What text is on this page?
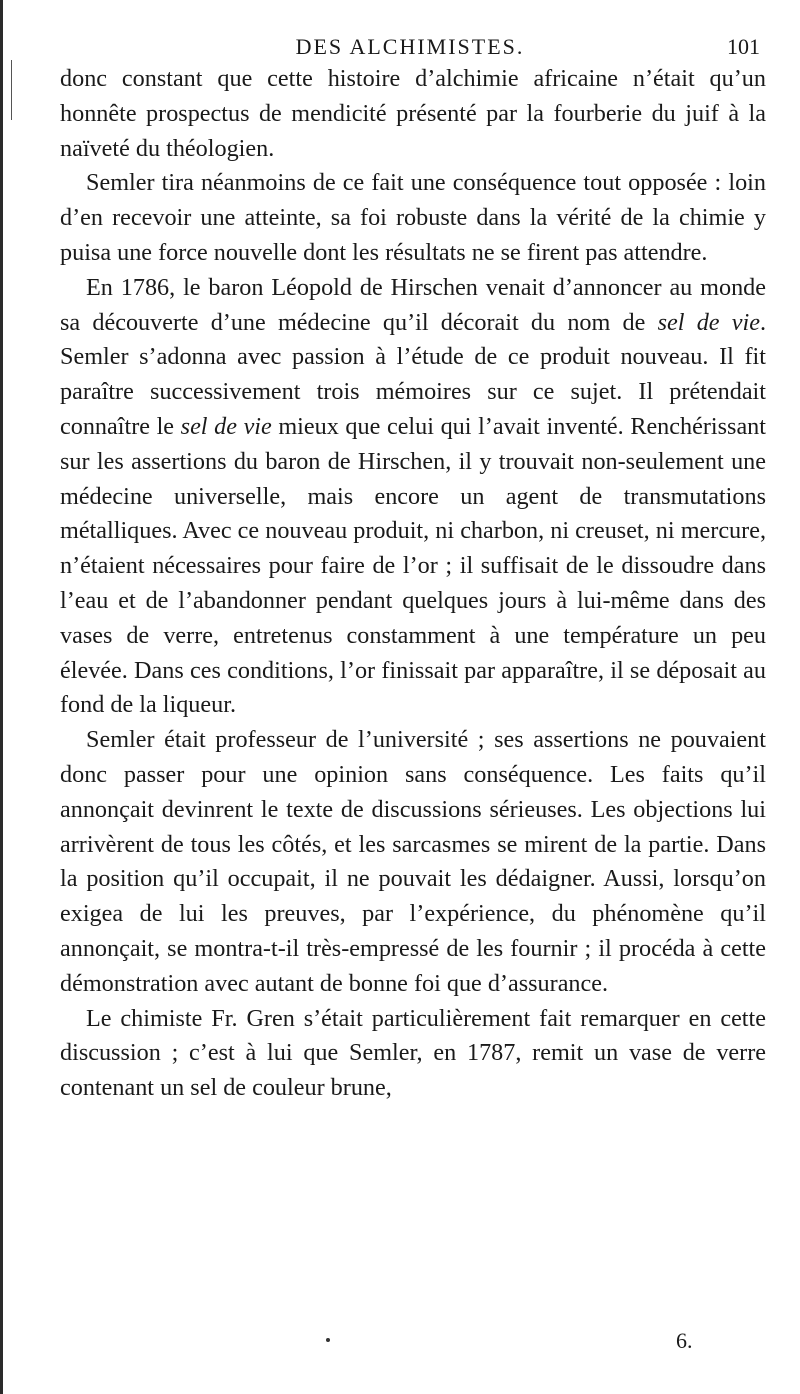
DES ALCHIMISTES.	101

donc constant que cette histoire d’alchimie africaine n’était qu’un honnête prospectus de mendicité présenté par la fourberie du juif à la naïveté du théologien.

Semler tira néanmoins de ce fait une conséquence tout opposée : loin d’en recevoir une atteinte, sa foi robuste dans la vérité de la chimie y puisa une force nouvelle dont les résultats ne se firent pas attendre.

En 1786, le baron Léopold de Hirschen venait d’annoncer au monde sa découverte d’une médecine qu’il décorait du nom de sel de vie. Semler s’adonna avec passion à l’étude de ce produit nouveau. Il fit paraître successivement trois mémoires sur ce sujet. Il prétendait connaître le sel de vie mieux que celui qui l’avait inventé. Renchérissant sur les assertions du baron de Hirschen, il y trouvait non-seulement une médecine universelle, mais encore un agent de transmutations métalliques. Avec ce nouveau produit, ni charbon, ni creuset, ni mercure, n’étaient nécessaires pour faire de l’or ; il suffisait de le dissoudre dans l’eau et de l’abandonner pendant quelques jours à lui-même dans des vases de verre, entretenus constamment à une température un peu élevée. Dans ces conditions, l’or finissait par apparaître, il se déposait au fond de la liqueur.

Semler était professeur de l’université ; ses assertions ne pouvaient donc passer pour une opinion sans conséquence. Les faits qu’il annonçait devinrent le texte de discussions sérieuses. Les objections lui arrivèrent de tous les côtés, et les sarcasmes se mirent de la partie. Dans la position qu’il occupait, il ne pouvait les dédaigner. Aussi, lorsqu’on exigea de lui les preuves, par l’expérience, du phénomène qu’il annonçait, se montra-t-il très-empressé de les fournir ; il procéda à cette démonstration avec autant de bonne foi que d’assurance.

Le chimiste Fr. Gren s’était particulièrement fait remarquer en cette discussion ; c’est à lui que Semler, en 1787, remit un vase de verre contenant un sel de couleur brune,

6.
